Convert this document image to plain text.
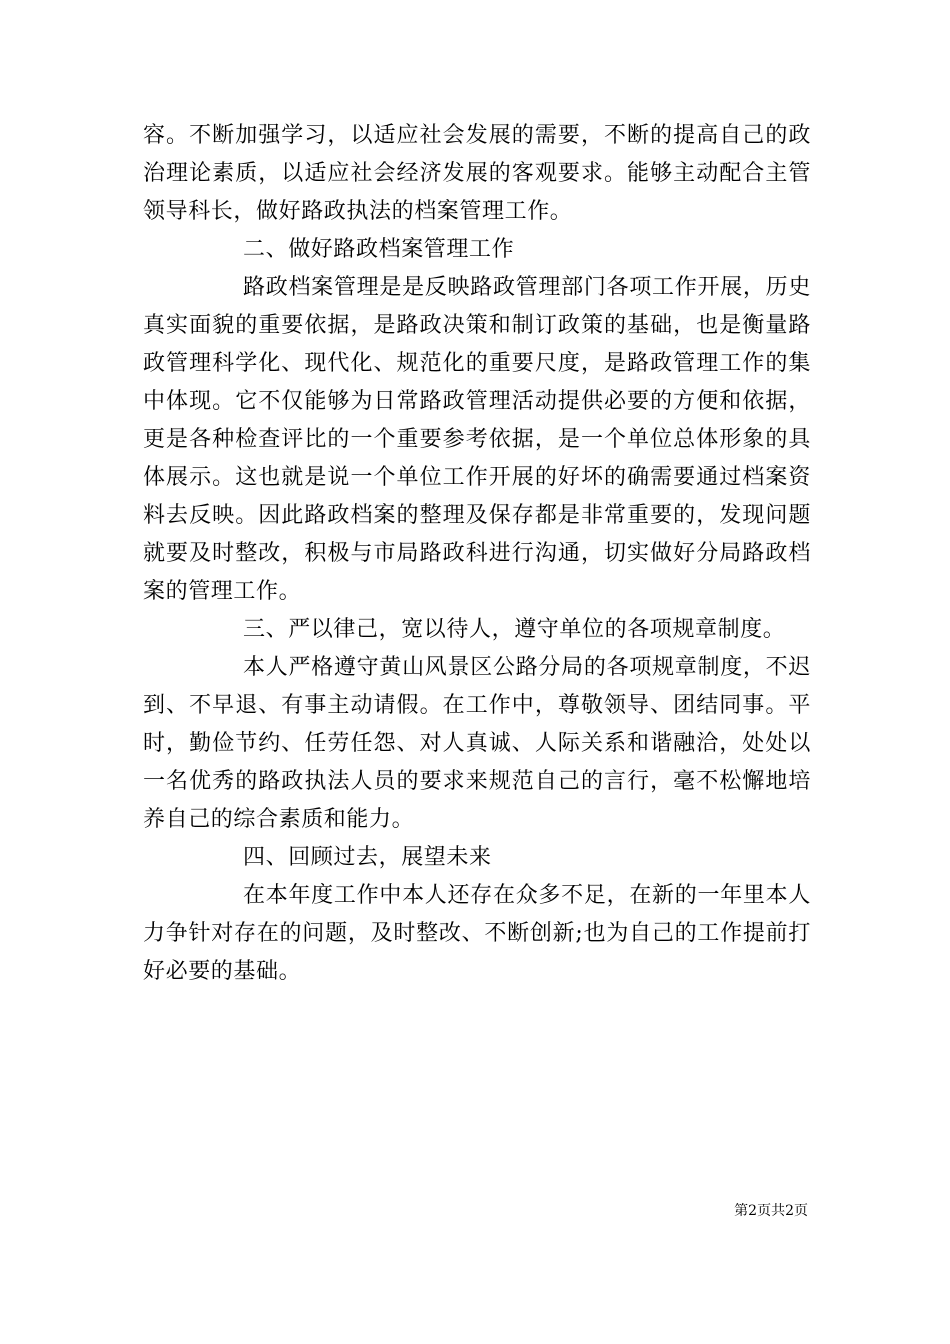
容。不断加强学习，以适应社会发展的需要，不断的提高自己的政治理论素质，以适应社会经济发展的客观要求。能够主动配合主管领导科长，做好路政执法的档案管理工作。

二、做好路政档案管理工作

路政档案管理是是反映路政管理部门各项工作开展，历史真实面貌的重要依据，是路政决策和制订政策的基础，也是衡量路政管理科学化、现代化、规范化的重要尺度，是路政管理工作的集中体现。它不仅能够为日常路政管理活动提供必要的方便和依据，更是各种检查评比的一个重要参考依据，是一个单位总体形象的具体展示。这也就是说一个单位工作开展的好坏的确需要通过档案资料去反映。因此路政档案的整理及保存都是非常重要的，发现问题就要及时整改，积极与市局路政科进行沟通，切实做好分局路政档案的管理工作。

三、严以律己，宽以待人，遵守单位的各项规章制度。

本人严格遵守黄山风景区公路分局的各项规章制度，不迟到、不早退、有事主动请假。在工作中，尊敬领导、团结同事。平时，勤俭节约、任劳任怨、对人真诚、人际关系和谐融洽，处处以一名优秀的路政执法人员的要求来规范自己的言行，毫不松懈地培养自己的综合素质和能力。

四、回顾过去，展望未来

在本年度工作中本人还存在众多不足，在新的一年里本人力争针对存在的问题，及时整改、不断创新;也为自己的工作提前打好必要的基础。

第2页共2页
